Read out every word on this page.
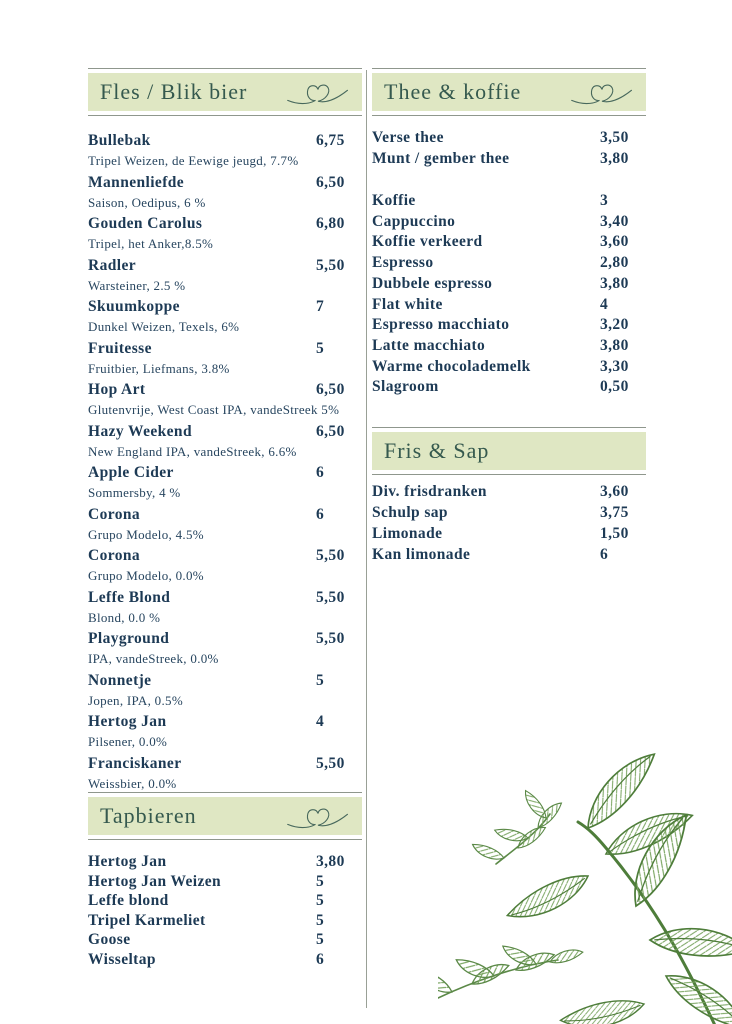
Fles / Blik bier
Bullebak	6,75
Tripel Weizen, de Eewige jeugd, 7.7%
Mannenliefde	6,50
Saison, Oedipus, 6 %
Gouden Carolus	6,80
Tripel, het Anker,8.5%
Radler	5,50
Warsteiner, 2.5 %
Skuumkoppe	7
Dunkel Weizen, Texels, 6%
Fruitesse	5
Fruitbier, Liefmans, 3.8%
Hop Art	6,50
Glutenvrije, West Coast IPA, vandeStreek 5%
Hazy Weekend	6,50
New England IPA, vandeStreek, 6.6%
Apple Cider	6
Sommersby, 4 %
Corona	6
Grupo Modelo, 4.5%
Corona	5,50
Grupo Modelo, 0.0%
Leffe Blond	5,50
Blond, 0.0 %
Playground	5,50
IPA, vandeStreek, 0.0%
Nonnetje	5
Jopen, IPA, 0.5%
Hertog Jan	4
Pilsener, 0.0%
Franciskaner	5,50
Weissbier, 0.0%
Tapbieren
Hertog Jan	3,80
Hertog Jan Weizen	5
Leffe blond	5
Tripel Karmeliet	5
Goose	5
Wisseltap	6
Thee & koffie
Verse thee	3,50
Munt / gember thee	3,80
Koffie	3
Cappuccino	3,40
Koffie verkeerd	3,60
Espresso	2,80
Dubbele espresso	3,80
Flat white	4
Espresso macchiato	3,20
Latte macchiato	3,80
Warme chocolademelk	3,30
Slagroom	0,50
Fris & Sap
Div. frisdranken	3,60
Schulp sap	3,75
Limonade	1,50
Kan limonade	6
